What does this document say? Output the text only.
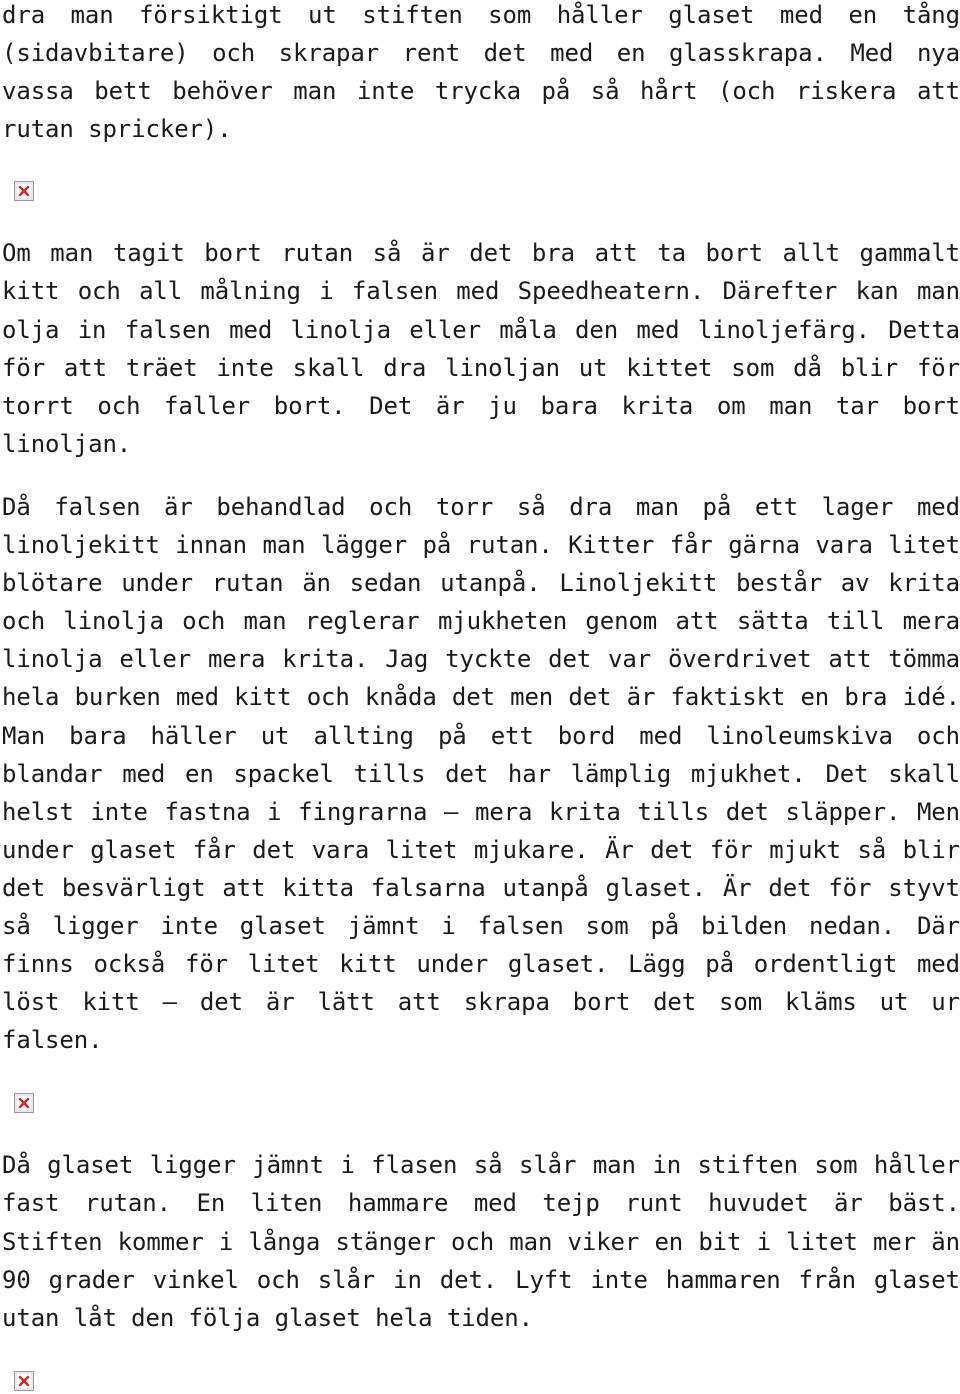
dra man försiktigt ut stiften som håller glaset med en tång (sidavbitare) och skrapar rent det med en glasskrapa. Med nya vassa bett behöver man inte trycka på så hårt (och riskera att rutan spricker).

Om man tagit bort rutan så är det bra att ta bort allt gammalt kitt och all målning i falsen med Speedheatern. Därefter kan man olja in falsen med linolja eller måla den med linoljefärg. Detta för att träet inte skall dra linoljan ut kittet som då blir för torrt och faller bort. Det är ju bara krita om man tar bort linoljan.

Då falsen är behandlad och torr så dra man på ett lager med linoljekitt innan man lägger på rutan. Kitter får gärna vara litet blötare under rutan än sedan utanpå. Linoljekitt består av krita och linolja och man reglerar mjukheten genom att sätta till mera linolja eller mera krita. Jag tyckte det var överdrivet att tömma hela burken med kitt och knåda det men det är faktiskt en bra idé. Man bara häller ut allting på ett bord med linoleumskiva och blandar med en spackel tills det har lämplig mjukhet. Det skall helst inte fastna i fingrarna – mera krita tills det släpper. Men under glaset får det vara litet mjukare. Är det för mjukt så blir det besvärligt att kitta falsarna utanpå glaset. Är det för styvt så ligger inte glaset jämnt i falsen som på bilden nedan. Där finns också för litet kitt under glaset. Lägg på ordentligt med löst kitt – det är lätt att skrapa bort det som kläms ut ur falsen.

Då glaset ligger jämnt i flasen så slår man in stiften som håller fast rutan. En liten hammare med tejp runt huvudet är bäst. Stiften kommer i långa stänger och man viker en bit i litet mer än 90 grader vinkel och slår in det. Lyft inte hammaren från glaset utan låt den följa glaset hela tiden.
